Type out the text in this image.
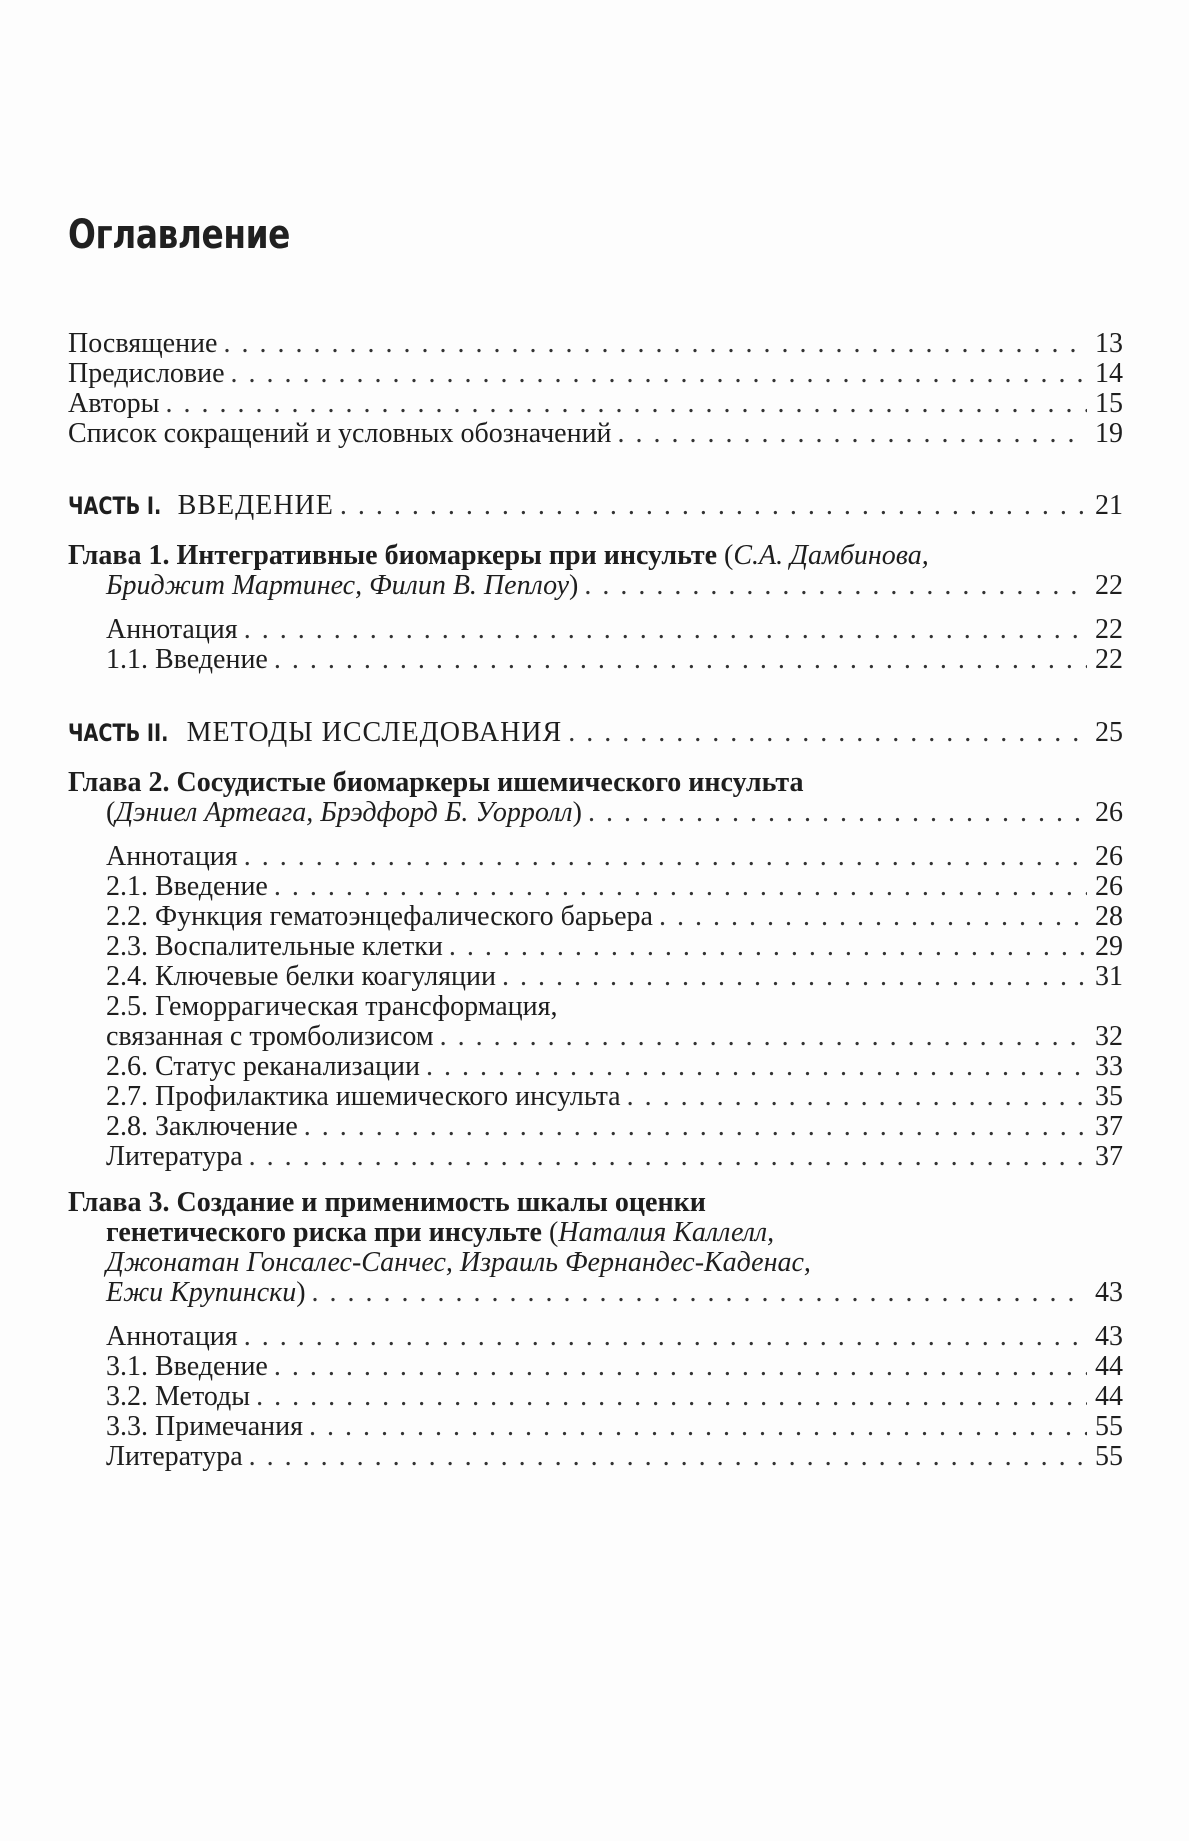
Оглавление
Посвящение . . .	13
Предисловие . . .	14
Авторы . . .	15
Список сокращений и условных обозначений . . .	19
ЧАСТЬ I. ВВЕДЕНИЕ . . .	21
Глава 1. Интегративные биомаркеры при инсульте (С.А. Дамбинова,
Бриджит Мартинес, Филип В. Пеплоу) . . .	22
Аннотация . . .	22
1.1. Введение . . .	22
ЧАСТЬ II. МЕТОДЫ ИССЛЕДОВАНИЯ . . .	25
Глава 2. Сосудистые биомаркеры ишемического инсульта
(Дэниел Артеага, Брэдфорд Б. Уорролл) . . .	26
Аннотация . . .	26
2.1. Введение . . .	26
2.2. Функция гематоэнцефалического барьера . . .	28
2.3. Воспалительные клетки . . .	29
2.4. Ключевые белки коагуляции . . .	31
2.5. Геморрагическая трансформация,
связанная с тромболизисом . . .	32
2.6. Статус реканализации . . .	33
2.7. Профилактика ишемического инсульта . . .	35
2.8. Заключение . . .	37
Литература . . .	37
Глава 3. Создание и применимость шкалы оценки
генетического риска при инсульте (Наталия Каллелл,
Джонатан Гонсалес-Санчес, Израиль Фернандес-Каденас,
Ежи Крупински) . . .	43
Аннотация . . .	43
3.1. Введение . . .	44
3.2. Методы . . .	44
3.3. Примечания . . .	55
Литература . . .	55
